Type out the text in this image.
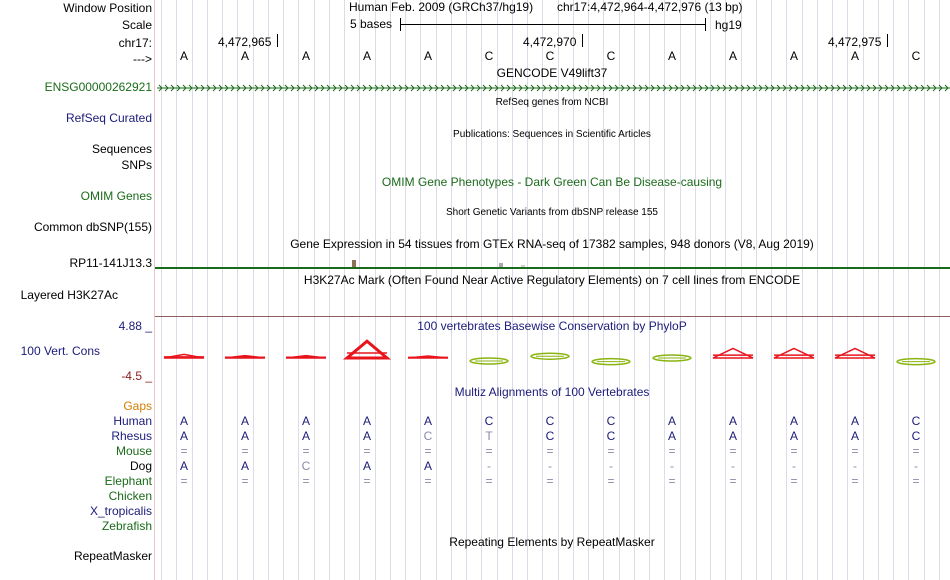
Window Position
Scale
chr17:
--->
ENSG00000262921
RefSeq Curated
Sequences
SNPs
OMIM Genes
Common dbSNP(155)
RP11-141J13.3
Layered H3K27Ac
4.88 _
100 Vert. Cons
-4.5 _
Gaps
Human
Rhesus
Mouse
Dog
Elephant
Chicken
X_tropicalis
Zebrafish
RepeatMasker
Human Feb. 2009 (GRCh37/hg19) chr17:4,472,964-4,472,976 (13 bp)
5 bases	hg19
4,472,965	4,472,970	4,472,975
A	A	A	A	A	C	C	C	A	A	A	A	C
GENCODE V49lift37
RefSeq genes from NCBI
Publications: Sequences in Scientific Articles
OMIM Gene Phenotypes - Dark Green Can Be Disease-causing
Short Genetic Variants from dbSNP release 155
Gene Expression in 54 tissues from GTEx RNA-seq of 17382 samples, 948 donors (V8, Aug 2019)
H3K27Ac Mark (Often Found Near Active Regulatory Elements) on 7 cell lines from ENCODE
100 vertebrates Basewise Conservation by PhyloP
Multiz Alignments of 100 Vertebrates
A	A	A	A	A	C	C	C	A	A	A	A	C
A	A	A	A	C	T	C	C	A	A	A	A	C
=	=	=	=	=	=	=	=	=	=	=	=	=
A	A	C	A	A	-	-	-	-	-	-	-	-
=	=	=	=	=	=	=	=	=	=	=	=	=
Repeating Elements by RepeatMasker
